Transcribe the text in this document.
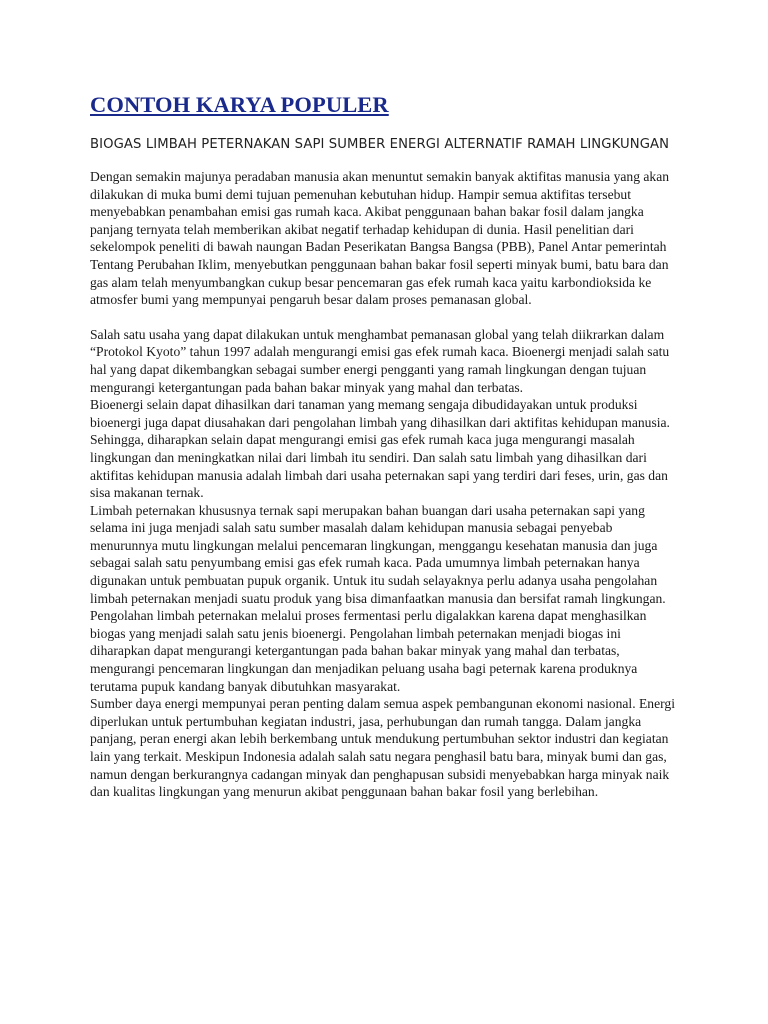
CONTOH KARYA POPULER
BIOGAS LIMBAH PETERNAKAN SAPI SUMBER ENERGI ALTERNATIF RAMAH LINGKUNGAN

Dengan semakin majunya peradaban manusia akan menuntut semakin banyak aktifitas manusia yang akan dilakukan di muka bumi demi tujuan pemenuhan kebutuhan hidup. Hampir semua aktifitas tersebut menyebabkan penambahan emisi gas rumah kaca. Akibat penggunaan bahan bakar fosil dalam jangka panjang ternyata telah memberikan akibat negatif terhadap kehidupan di dunia. Hasil penelitian dari sekelompok peneliti di bawah naungan Badan Peserikatan Bangsa Bangsa (PBB), Panel Antar pemerintah Tentang Perubahan Iklim, menyebutkan penggunaan bahan bakar fosil seperti minyak bumi, batu bara dan gas alam telah menyumbangkan cukup besar pencemaran gas efek rumah kaca yaitu karbondioksida ke atmosfer bumi yang mempunyai pengaruh besar dalam proses pemanasan global.

Salah satu usaha yang dapat dilakukan untuk menghambat pemanasan global yang telah diikrarkan dalam “Protokol Kyoto” tahun 1997 adalah mengurangi emisi gas efek rumah kaca. Bioenergi menjadi salah satu hal yang dapat dikembangkan sebagai sumber energi pengganti yang ramah lingkungan dengan tujuan mengurangi ketergantungan pada bahan bakar minyak yang mahal dan terbatas.

Bioenergi selain dapat dihasilkan dari tanaman yang memang sengaja dibudidayakan untuk produksi bioenergi juga dapat diusahakan dari pengolahan limbah yang dihasilkan dari aktifitas kehidupan manusia. Sehingga, diharapkan selain dapat mengurangi emisi gas efek rumah kaca juga mengurangi masalah lingkungan dan meningkatkan nilai dari limbah itu sendiri. Dan salah satu limbah yang dihasilkan dari aktifitas kehidupan manusia adalah limbah dari usaha peternakan sapi yang terdiri dari feses, urin, gas dan sisa makanan ternak.

Limbah peternakan khususnya ternak sapi merupakan bahan buangan dari usaha peternakan sapi yang selama ini juga menjadi salah satu sumber masalah dalam kehidupan manusia sebagai penyebab menurunnya mutu lingkungan melalui pencemaran lingkungan, menggangu kesehatan manusia dan juga sebagai salah satu penyumbang emisi gas efek rumah kaca. Pada umumnya limbah peternakan hanya digunakan untuk pembuatan pupuk organik. Untuk itu sudah selayaknya perlu adanya usaha pengolahan limbah peternakan menjadi suatu produk yang bisa dimanfaatkan manusia dan bersifat ramah lingkungan.

Pengolahan limbah peternakan melalui proses fermentasi perlu digalakkan karena dapat menghasilkan biogas yang menjadi salah satu jenis bioenergi. Pengolahan limbah peternakan menjadi biogas ini diharapkan dapat mengurangi ketergantungan pada bahan bakar minyak yang mahal dan terbatas, mengurangi pencemaran lingkungan dan menjadikan peluang usaha bagi peternak karena produknya terutama pupuk kandang banyak dibutuhkan masyarakat.

Sumber daya energi mempunyai peran penting dalam semua aspek pembangunan ekonomi nasional. Energi diperlukan untuk pertumbuhan kegiatan industri, jasa, perhubungan dan rumah tangga. Dalam jangka panjang, peran energi akan lebih berkembang untuk mendukung pertumbuhan sektor industri dan kegiatan lain yang terkait. Meskipun Indonesia adalah salah satu negara penghasil batu bara, minyak bumi dan gas, namun dengan berkurangnya cadangan minyak dan penghapusan subsidi menyebabkan harga minyak naik dan kualitas lingkungan yang menurun akibat penggunaan bahan bakar fosil yang berlebihan.
